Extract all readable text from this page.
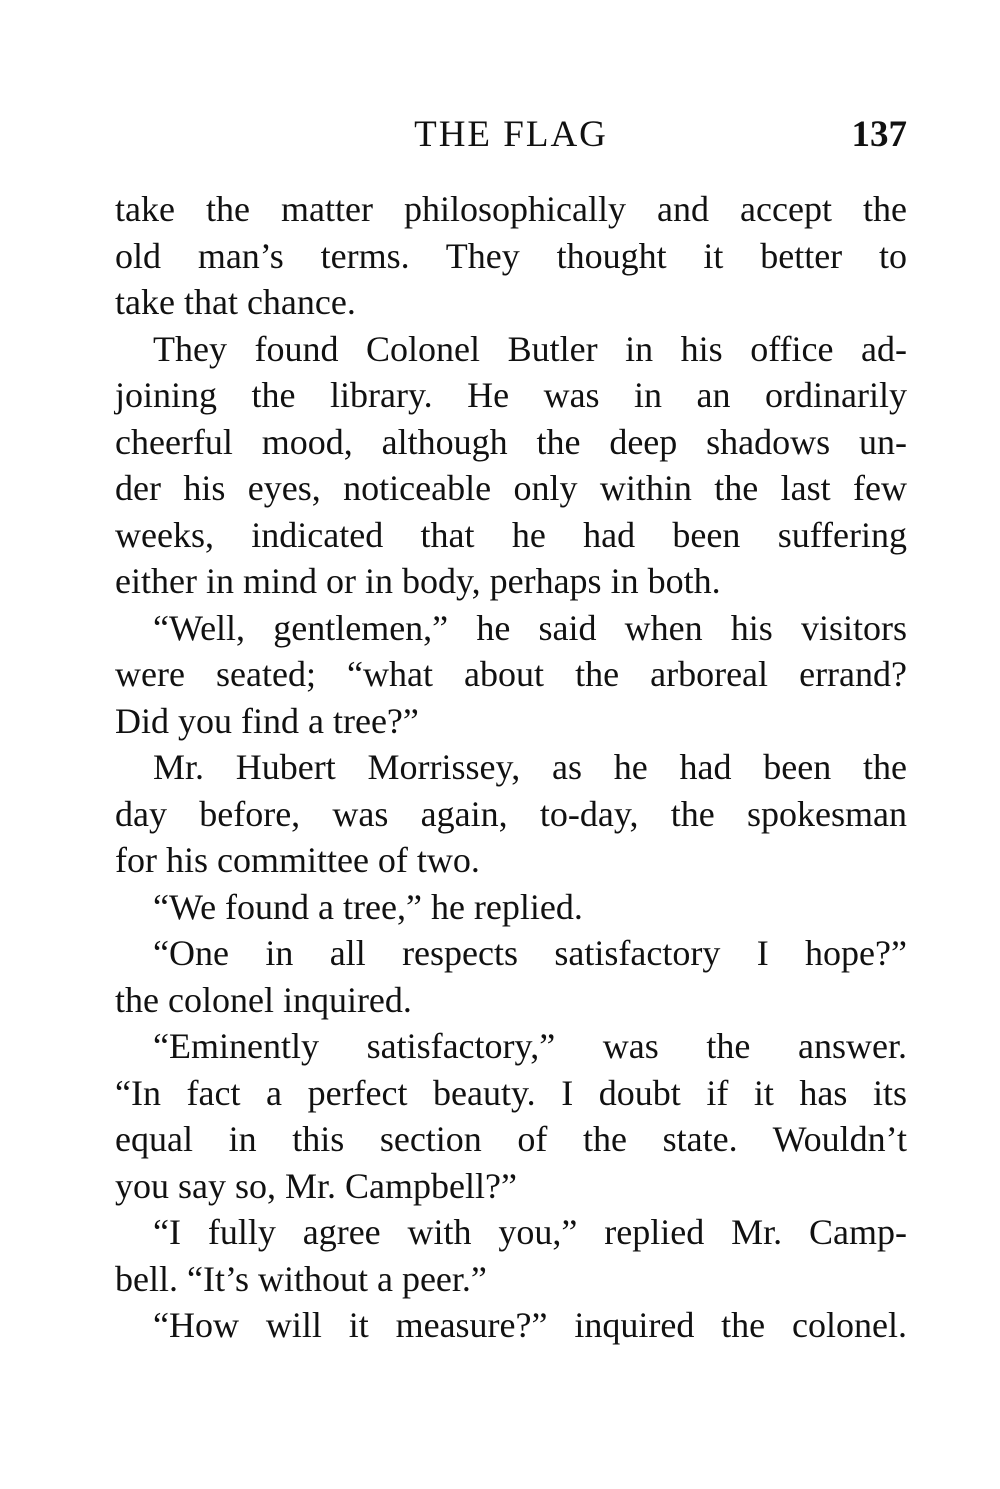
THE FLAG	137
take the matter philosophically and accept the
old man’s terms. They thought it better to
take that chance.
They found Colonel Butler in his office ad-
joining the library. He was in an ordinarily
cheerful mood, although the deep shadows un-
der his eyes, noticeable only within the last few
weeks, indicated that he had been suffering
either in mind or in body, perhaps in both.
“Well, gentlemen,” he said when his visitors
were seated; “what about the arboreal errand?
Did you find a tree?”
Mr. Hubert Morrissey, as he had been the
day before, was again, to-day, the spokesman
for his committee of two.
“We found a tree,” he replied.
“One in all respects satisfactory I hope?”
the colonel inquired.
“Eminently satisfactory,” was the answer.
“In fact a perfect beauty. I doubt if it has its
equal in this section of the state. Wouldn’t
you say so, Mr. Campbell?”
“I fully agree with you,” replied Mr. Camp-
bell. “It’s without a peer.”
“How will it measure?” inquired the colonel.
